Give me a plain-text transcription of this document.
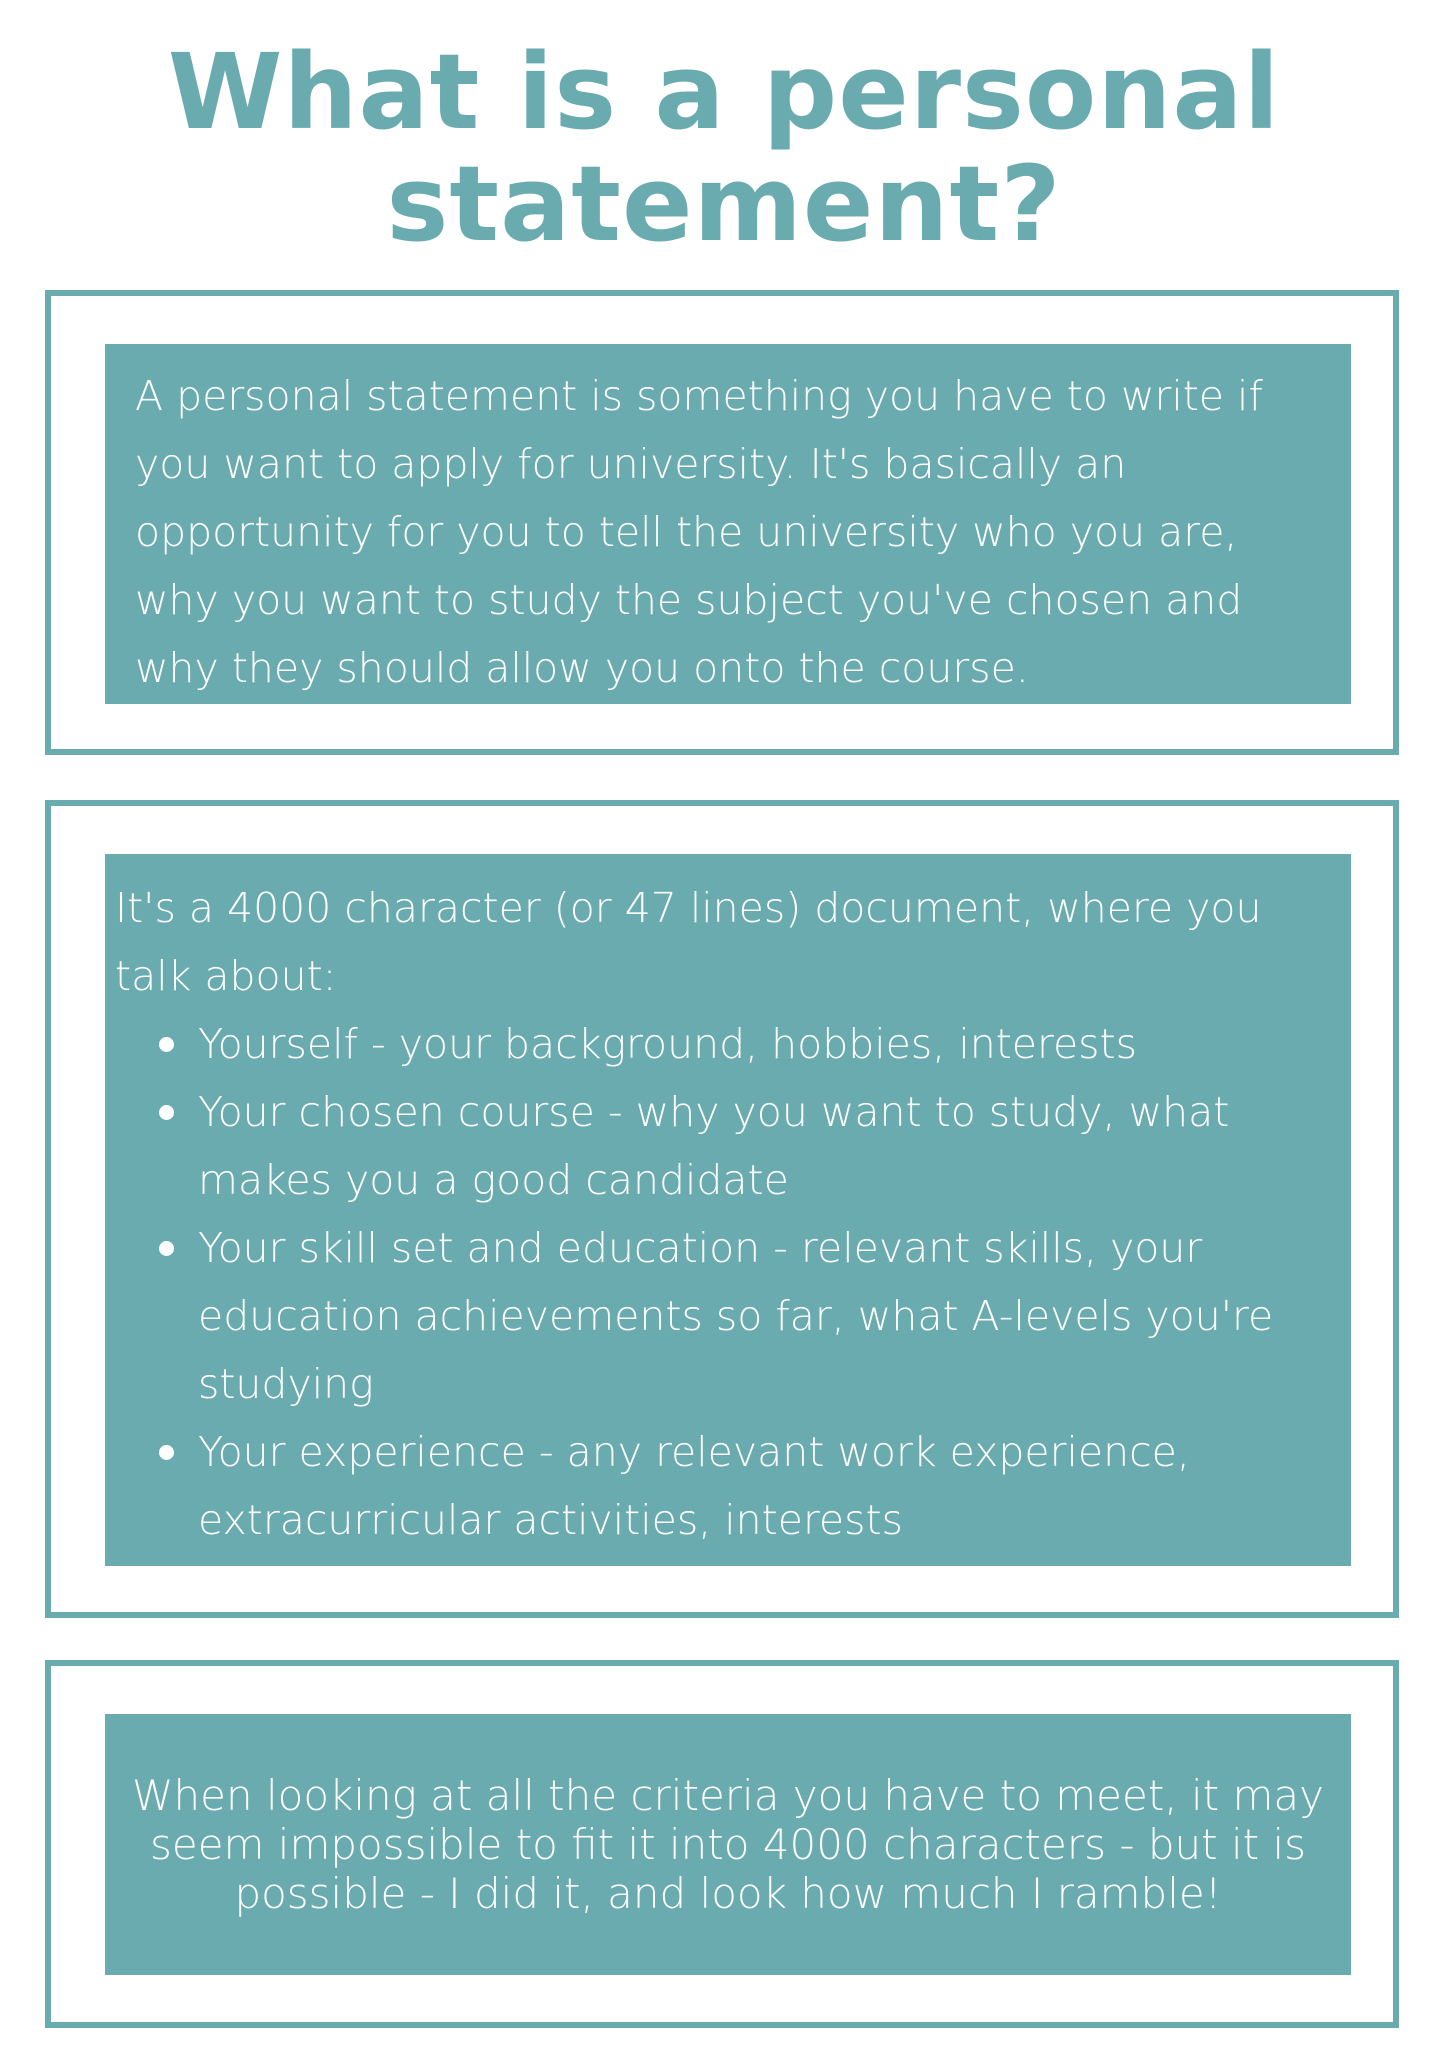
What is a personal statement?

A personal statement is something you have to write if you want to apply for university. It's basically an opportunity for you to tell the university who you are, why you want to study the subject you've chosen and why they should allow you onto the course.

It's a 4000 character (or 47 lines) document, where you talk about:

Yourself - your background, hobbies, interests
Your chosen course - why you want to study, what makes you a good candidate
Your skill set and education - relevant skills, your education achievements so far, what A-levels you're studying
Your experience - any relevant work experience, extracurricular activities, interests

When looking at all the criteria you have to meet, it may seem impossible to fit it into 4000 characters - but it is possible - I did it, and look how much I ramble!
